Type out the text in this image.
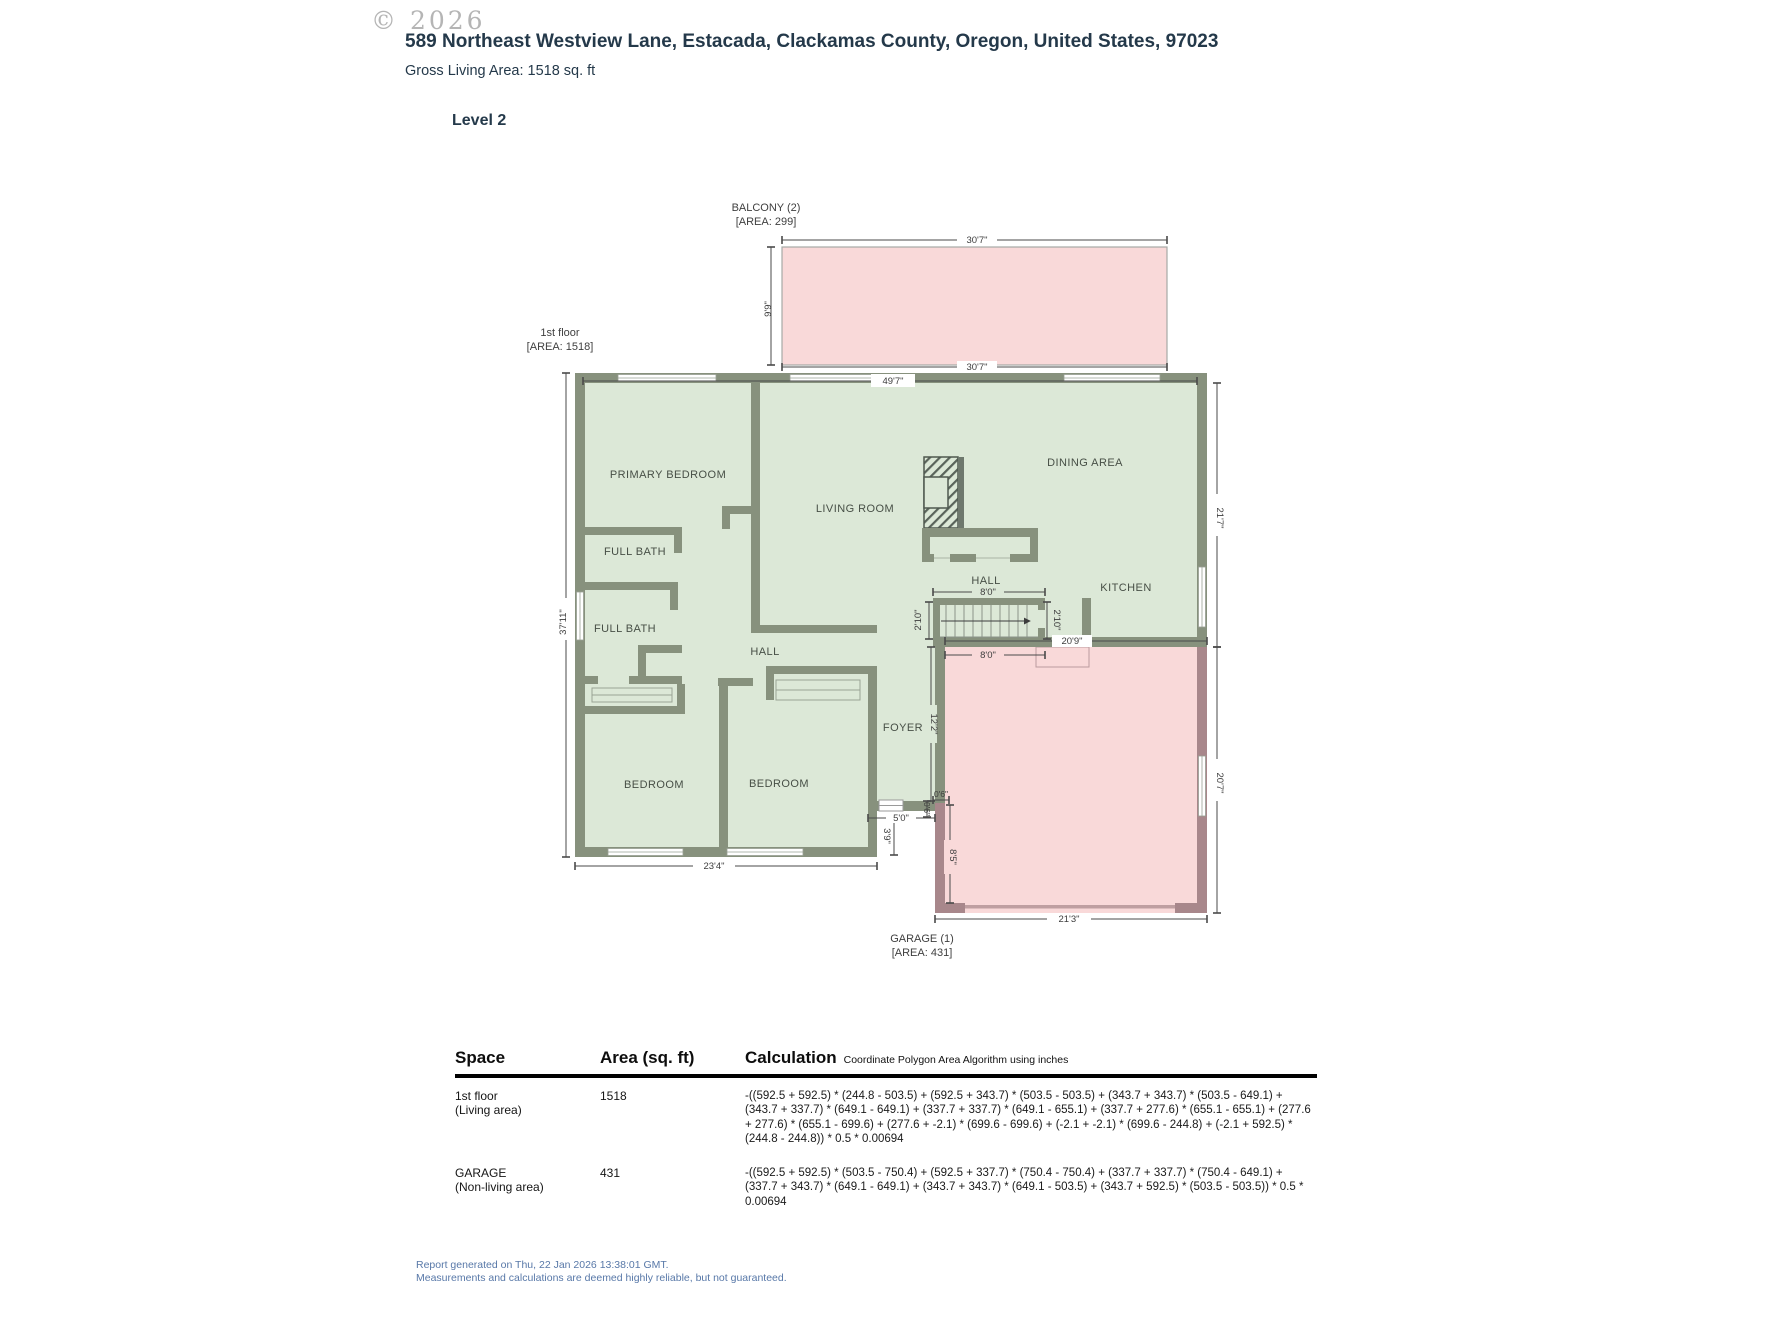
© 2026
589 Northeast Westview Lane, Estacada, Clackamas County, Oregon, United States, 97023
Gross Living Area: 1518 sq. ft
Level 2
30'7"
30'7"
9'9"
49'7"
37'11"
21'7"
20'7"
23'4"
21'3"
20'9"
8'0"
8'0"
2'10"	2'10"
12'2"
0'6"
0'6"
5'0"
3'9"
8'5"
PRIMARY BEDROOM
LIVING ROOM
DINING AREA
KITCHEN
HALL
HALL
FULL BATH
FULL BATH
FOYER
BEDROOM	BEDROOM
1st floor
[AREA: 1518]
BALCONY (2)
[AREA: 299]
GARAGE (1)
[AREA: 431]
Space	Area (sq. ft)	Calculation Coordinate Polygon Area Algorithm using inches
1st floor
(Living area)
1518	-((592.5 + 592.5) * (244.8 - 503.5) + (592.5 + 343.7) * (503.5 - 503.5) + (343.7 + 343.7) * (503.5 - 649.1) + (343.7 + 337.7) * (649.1 - 649.1) + (337.7 + 337.7) * (649.1 - 655.1) + (337.7 + 277.6) * (655.1 - 655.1) + (277.6 + 277.6) * (655.1 - 699.6) + (277.6 + -2.1) * (699.6 - 699.6) + (-2.1 + -2.1) * (699.6 - 244.8) + (-2.1 + 592.5) * (244.8 - 244.8)) * 0.5 * 0.00694
GARAGE
(Non-living area)
431	-((592.5 + 592.5) * (503.5 - 750.4) + (592.5 + 337.7) * (750.4 - 750.4) + (337.7 + 337.7) * (750.4 - 649.1) + (337.7 + 343.7) * (649.1 - 649.1) + (343.7 + 343.7) * (649.1 - 503.5) + (343.7 + 592.5) * (503.5 - 503.5)) * 0.5 * 0.00694
Report generated on Thu, 22 Jan 2026 13:38:01 GMT.
Measurements and calculations are deemed highly reliable, but not guaranteed.
